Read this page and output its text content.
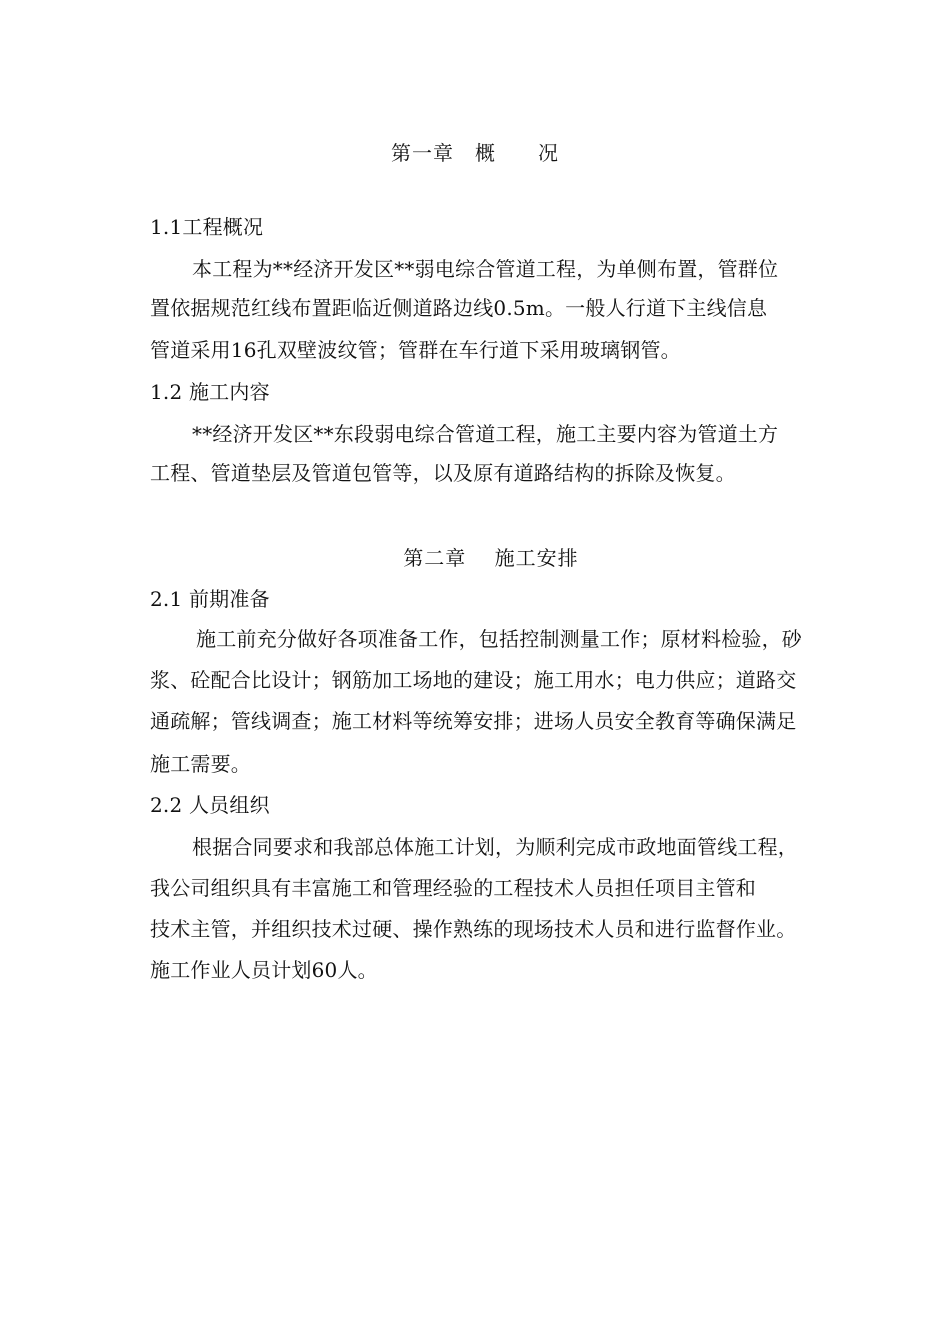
第一章　概　　况
1.1工程概况
本工程为**经济开发区**弱电综合管道工程，为单侧布置，管群位
置依据规范红线布置距临近侧道路边线0.5m。一般人行道下主线信息
管道采用16孔双壁波纹管；管群在车行道下采用玻璃钢管。
1.2 施工内容
**经济开发区**东段弱电综合管道工程，施工主要内容为管道土方
工程、管道垫层及管道包管等，以及原有道路结构的拆除及恢复。
第二章　 施工安排
2.1 前期准备
施工前充分做好各项准备工作，包括控制测量工作；原材料检验，砂
浆、砼配合比设计；钢筋加工场地的建设；施工用水；电力供应；道路交
通疏解；管线调查；施工材料等统筹安排；进场人员安全教育等确保满足
施工需要。
2.2 人员组织
根据合同要求和我部总体施工计划，为顺利完成市政地面管线工程，
我公司组织具有丰富施工和管理经验的工程技术人员担任项目主管和
技术主管，并组织技术过硬、操作熟练的现场技术人员和进行监督作业。
施工作业人员计划60人。
